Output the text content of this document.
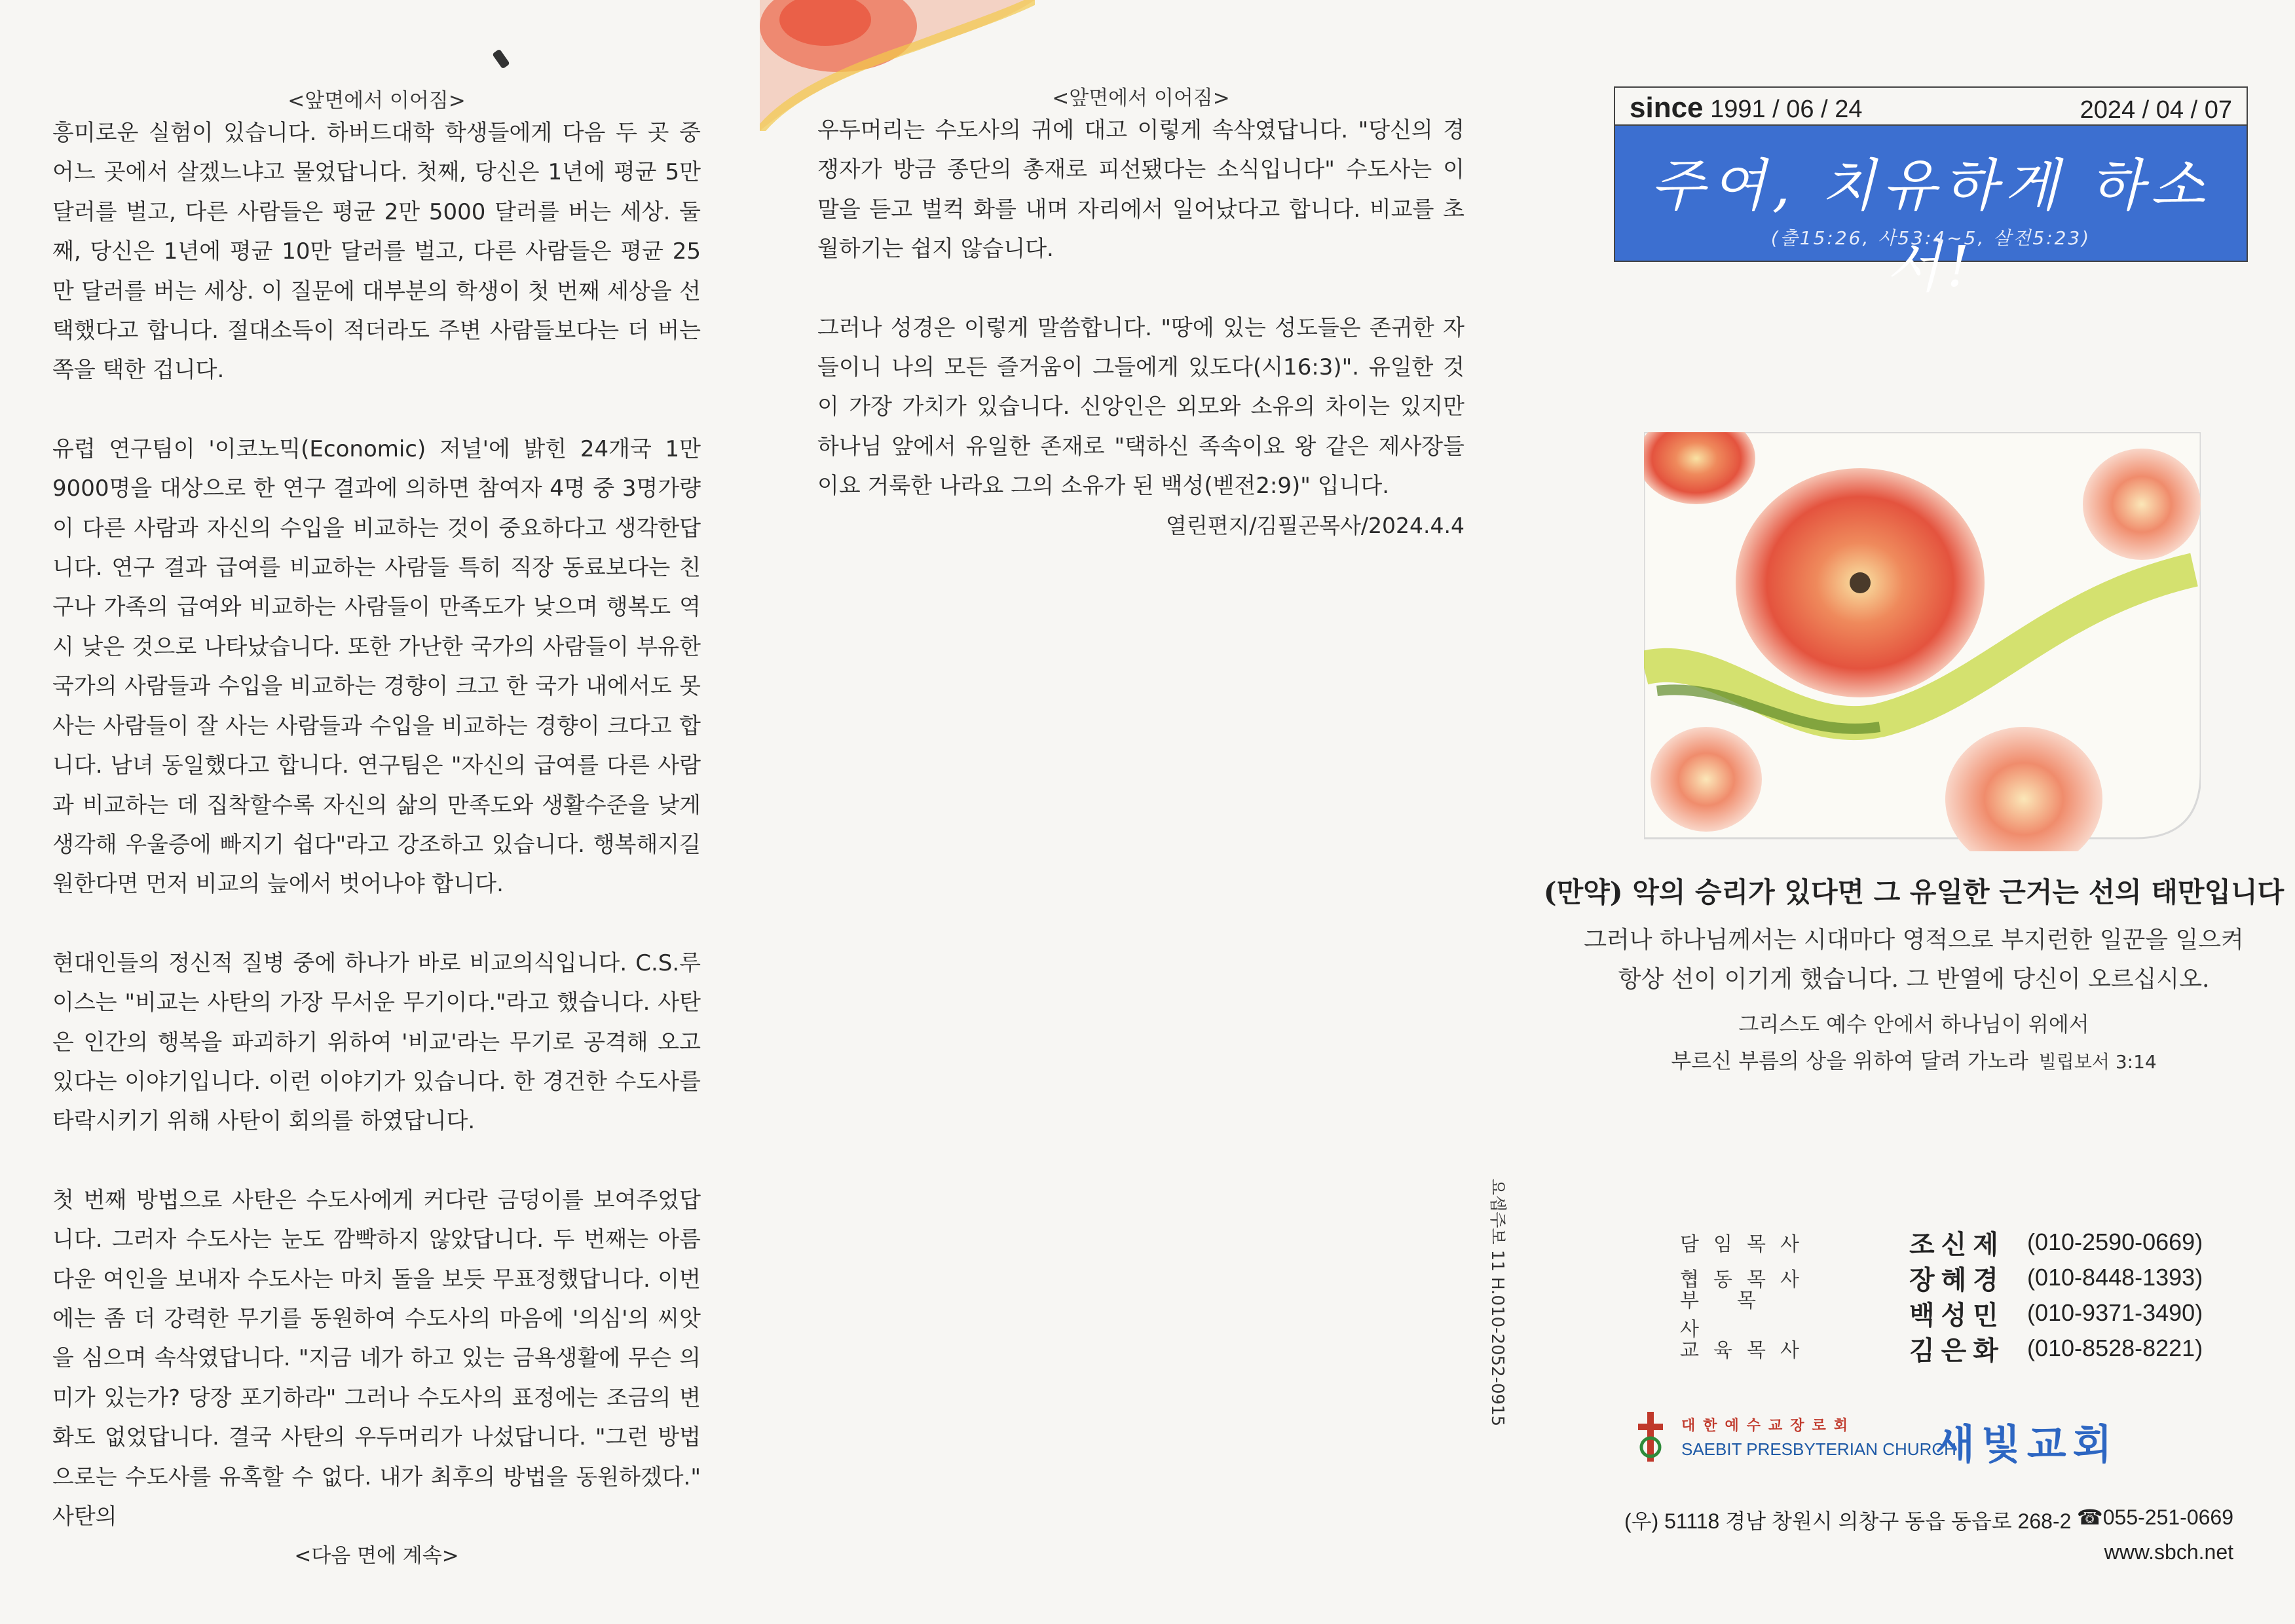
<앞면에서 이어짐>

흥미로운 실험이 있습니다. 하버드대학 학생들에게 다음 두 곳 중 어느 곳에서 살겠느냐고 물었답니다. 첫째, 당신은 1년에 평균 5만 달러를 벌고, 다른 사람들은 평균 2만 5000 달러를 버는 세상. 둘째, 당신은 1년에 평균 10만 달러를 벌고, 다른 사람들은 평균 25만 달러를 버는 세상. 이 질문에 대부분의 학생이 첫 번째 세상을 선택했다고 합니다. 절대소득이 적더라도 주변 사람들보다는 더 버는 쪽을 택한 겁니다.

유럽 연구팀이 '이코노믹(Economic) 저널'에 밝힌 24개국 1만 9000명을 대상으로 한 연구 결과에 의하면 참여자 4명 중 3명가량이 다른 사람과 자신의 수입을 비교하는 것이 중요하다고 생각한답니다. 연구 결과 급여를 비교하는 사람들 특히 직장 동료보다는 친구나 가족의 급여와 비교하는 사람들이 만족도가 낮으며 행복도 역시 낮은 것으로 나타났습니다. 또한 가난한 국가의 사람들이 부유한 국가의 사람들과 수입을 비교하는 경향이 크고 한 국가 내에서도 못사는 사람들이 잘 사는 사람들과 수입을 비교하는 경향이 크다고 합니다. 남녀 동일했다고 합니다. 연구팀은 "자신의 급여를 다른 사람과 비교하는 데 집착할수록 자신의 삶의 만족도와 생활수준을 낮게 생각해 우울증에 빠지기 쉽다"라고 강조하고 있습니다. 행복해지길 원한다면 먼저 비교의 늪에서 벗어나야 합니다.

현대인들의 정신적 질병 중에 하나가 바로 비교의식입니다. C.S.루이스는 "비교는 사탄의 가장 무서운 무기이다."라고 했습니다. 사탄은 인간의 행복을 파괴하기 위하여 '비교'라는 무기로 공격해 오고 있다는 이야기입니다. 이런 이야기가 있습니다. 한 경건한 수도사를 타락시키기 위해 사탄이 회의를 하였답니다.

첫 번째 방법으로 사탄은 수도사에게 커다란 금덩이를 보여주었답니다. 그러자 수도사는 눈도 깜빡하지 않았답니다. 두 번째는 아름다운 여인을 보내자 수도사는 마치 돌을 보듯 무표정했답니다. 이번에는 좀 더 강력한 무기를 동원하여 수도사의 마음에 '의심'의 씨앗을 심으며 속삭였답니다. "지금 네가 하고 있는 금욕생활에 무슨 의미가 있는가? 당장 포기하라" 그러나 수도사의 표정에는 조금의 변화도 없었답니다. 결국 사탄의 우두머리가 나섰답니다. "그런 방법으로는 수도사를 유혹할 수 없다. 내가 최후의 방법을 동원하겠다." 사탄의

<다음 면에 계속>
<앞면에서 이어짐>

우두머리는 수도사의 귀에 대고 이렇게 속삭였답니다. "당신의 경쟁자가 방금 종단의 총재로 피선됐다는 소식입니다" 수도사는 이 말을 듣고 벌컥 화를 내며 자리에서 일어났다고 합니다. 비교를 초월하기는 쉽지 않습니다.

그러나 성경은 이렇게 말씀합니다. "땅에 있는 성도들은 존귀한 자들이니 나의 모든 즐거움이 그들에게 있도다(시16:3)". 유일한 것이 가장 가치가 있습니다. 신앙인은 외모와 소유의 차이는 있지만 하나님 앞에서 유일한 존재로 "택하신 족속이요 왕 같은 제사장들이요 거룩한 나라요 그의 소유가 된 백성(벧전2:9)" 입니다.

열린편지/김필곤목사/2024.4.4
요셉주보 11 H.010-2052-0915
since 1991 / 06 / 24	2024 / 04 / 07
주여, 치유하게 하소서!
(출15:26, 사53:4~5, 살전5:23)
(만약) 악의 승리가 있다면 그 유일한 근거는 선의 태만입니다
그러나 하나님께서는 시대마다 영적으로 부지런한 일꾼을 일으켜
항상 선이 이기게 했습니다. 그 반열에 당신이 오르십시오.
그리스도 예수 안에서 하나님이 위에서
부르신 부름의 상을 위하여 달려 가노라 빌립보서 3:14
담임목사	조신제 (010-2590-0669)
협동목사	장혜경 (010-8448-1393)
부목사	백성민 (010-9371-3490)
교육목사	김은화 (010-8528-8221)
대한예수교장로회
SAEBIT PRESBYTERIAN CHURCH
새빛교회
(우) 51118 경남 창원시 의창구 동읍 동읍로 268-2 ☎055-251-0669
www.sbch.net
